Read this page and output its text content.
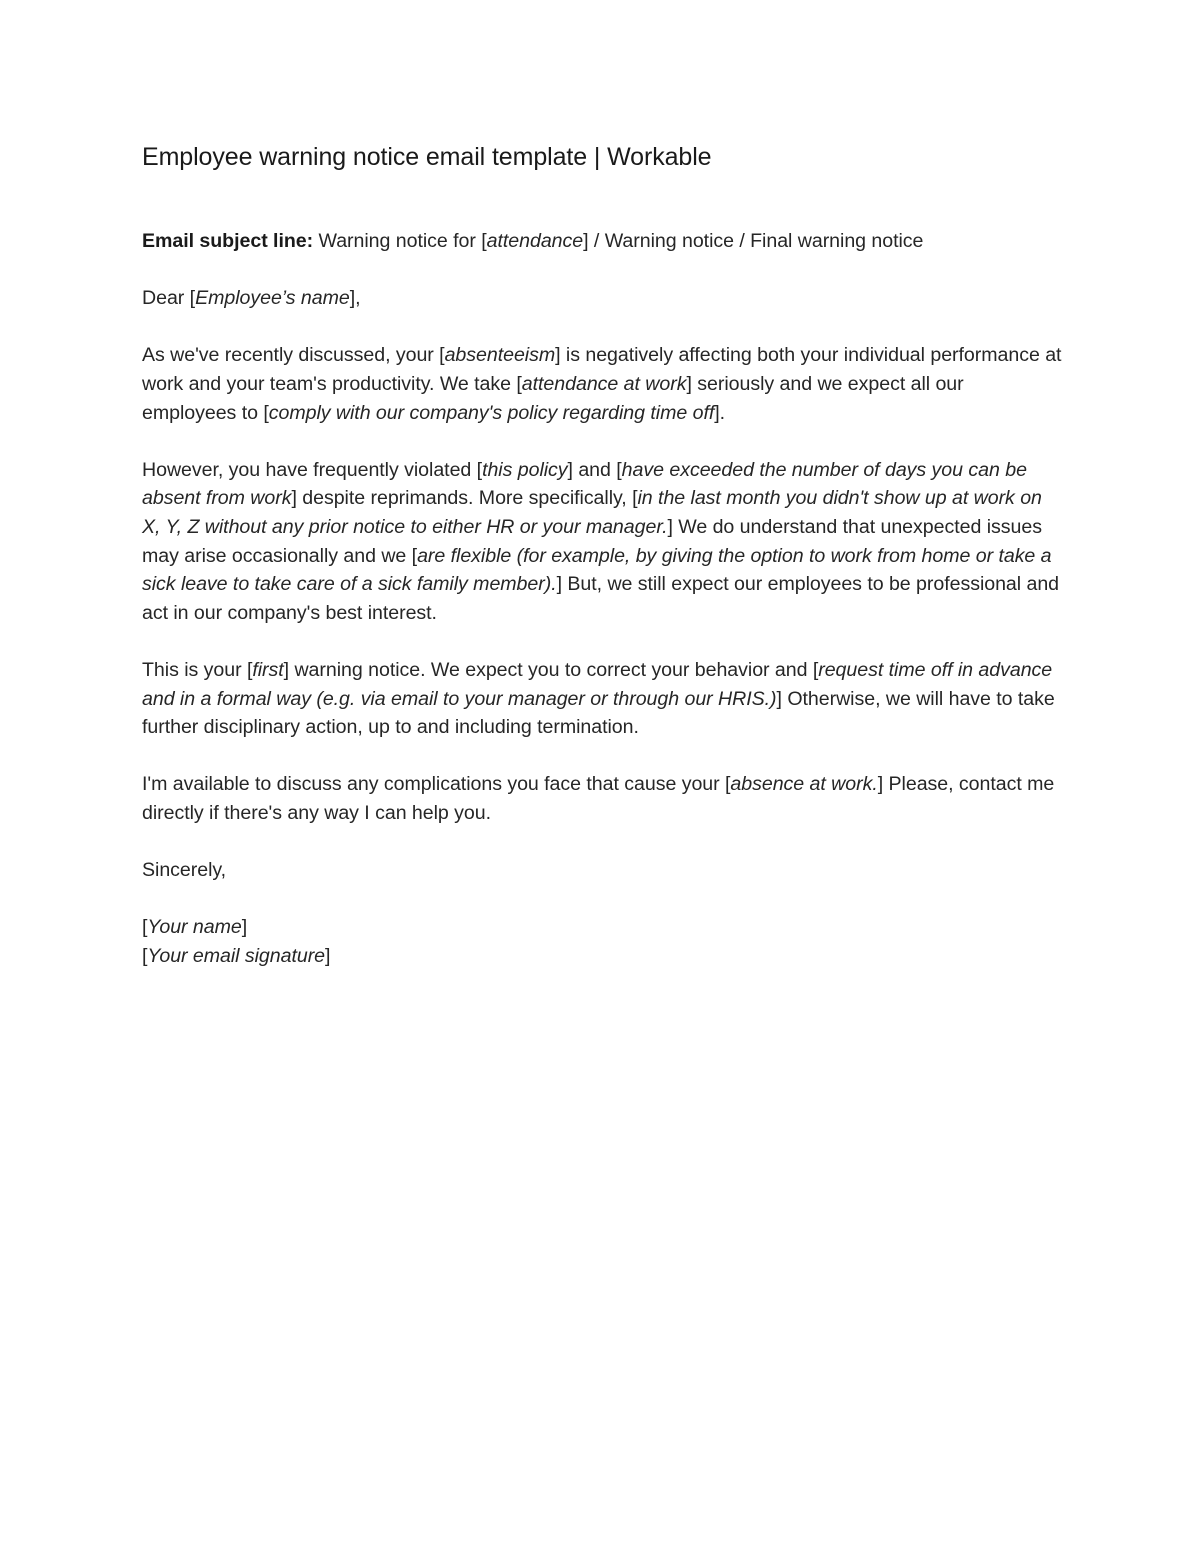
Employee warning notice email template | Workable

Email subject line: Warning notice for [attendance] / Warning notice / Final warning notice

Dear [Employee’s name],

As we've recently discussed, your [absenteeism] is negatively affecting both your individual performance at work and your team's productivity. We take [attendance at work] seriously and we expect all our employees to [comply with our company's policy regarding time off].

However, you have frequently violated [this policy] and [have exceeded the number of days you can be absent from work] despite reprimands. More specifically, [in the last month you didn't show up at work on X, Y, Z without any prior notice to either HR or your manager.] We do understand that unexpected issues may arise occasionally and we [are flexible (for example, by giving the option to work from home or take a sick leave to take care of a sick family member).] But, we still expect our employees to be professional and act in our company's best interest.

This is your [first] warning notice. We expect you to correct your behavior and [request time off in advance and in a formal way (e.g. via email to your manager or through our HRIS.)] Otherwise, we will have to take further disciplinary action, up to and including termination.

I'm available to discuss any complications you face that cause your [absence at work.] Please, contact me directly if there's any way I can help you.

Sincerely,

[Your name]

[Your email signature]
